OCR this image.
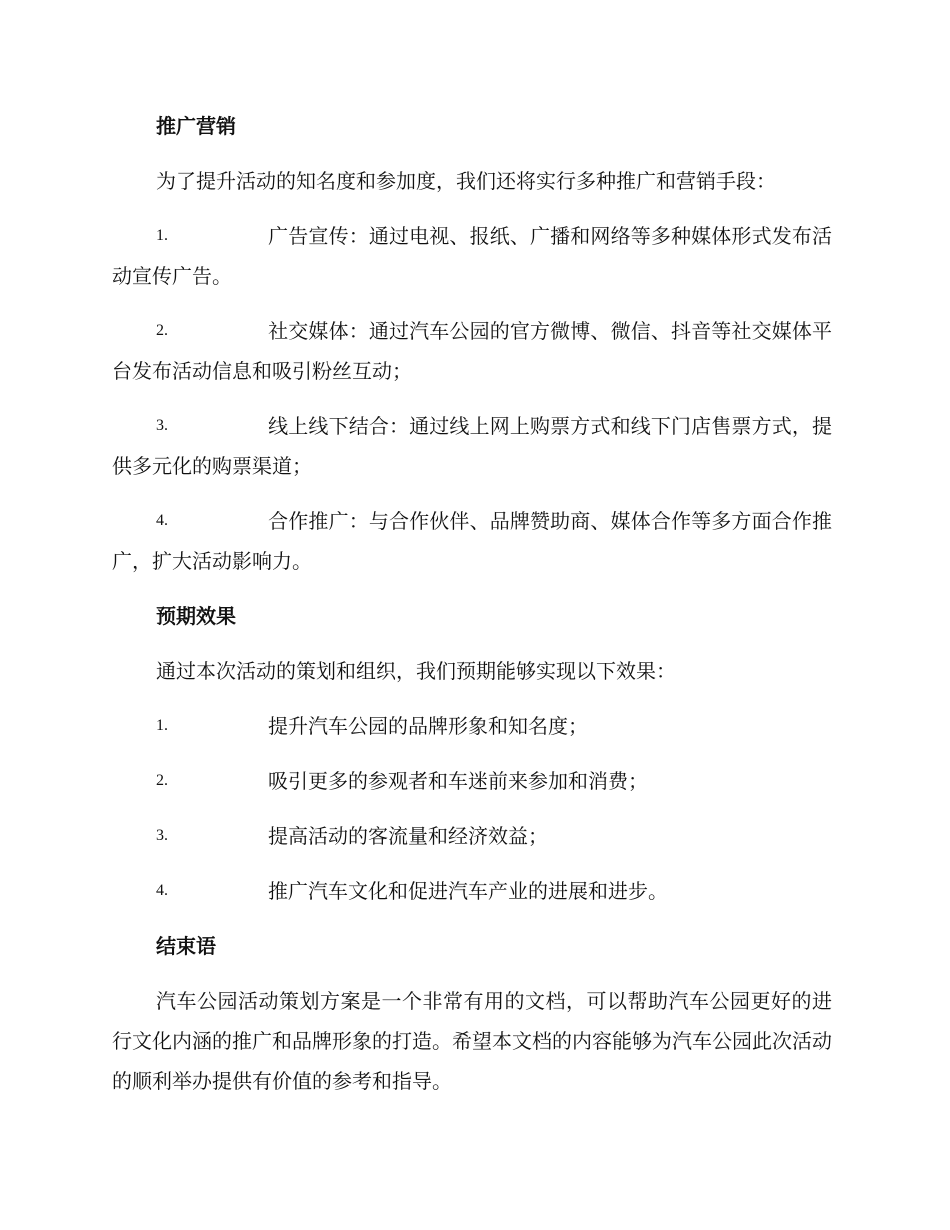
推广营销

为了提升活动的知名度和参加度，我们还将实行多种推广和营销手段：

1.	广告宣传：通过电视、报纸、广播和网络等多种媒体形式发布活动宣传广告。
2.	社交媒体：通过汽车公园的官方微博、微信、抖音等社交媒体平台发布活动信息和吸引粉丝互动；
3.	线上线下结合：通过线上网上购票方式和线下门店售票方式，提供多元化的购票渠道；
4.	合作推广：与合作伙伴、品牌赞助商、媒体合作等多方面合作推广，扩大活动影响力。
预期效果

通过本次活动的策划和组织，我们预期能够实现以下效果：

1.	提升汽车公园的品牌形象和知名度；
2.	吸引更多的参观者和车迷前来参加和消费；
3.	提高活动的客流量和经济效益；
4.	推广汽车文化和促进汽车产业的进展和进步。
结束语

汽车公园活动策划方案是一个非常有用的文档，可以帮助汽车公园更好的进行文化内涵的推广和品牌形象的打造。希望本文档的内容能够为汽车公园此次活动的顺利举办提供有价值的参考和指导。
